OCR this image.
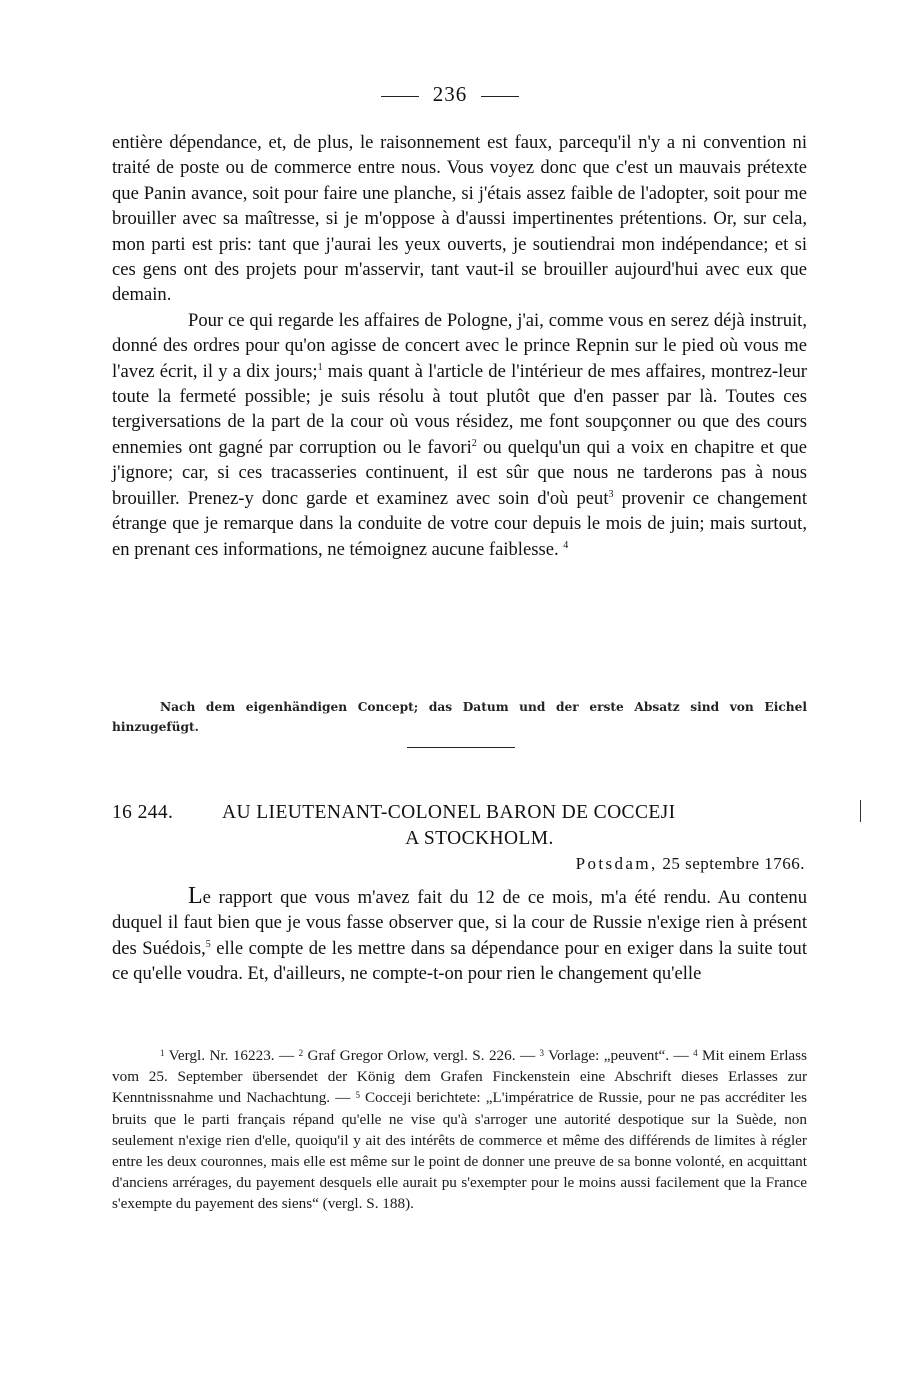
236

entière dépendance, et, de plus, le raisonnement est faux, parcequ'il n'y a ni convention ni traité de poste ou de commerce entre nous. Vous voyez donc que c'est un mauvais prétexte que Panin avance, soit pour faire une planche, si j'étais assez faible de l'adopter, soit pour me brouiller avec sa maîtresse, si je m'oppose à d'aussi impertinentes prétentions. Or, sur cela, mon parti est pris: tant que j'aurai les yeux ouverts, je soutiendrai mon indépendance; et si ces gens ont des projets pour m'asservir, tant vaut-il se brouiller aujourd'hui avec eux que demain.

Pour ce qui regarde les affaires de Pologne, j'ai, comme vous en serez déjà instruit, donné des ordres pour qu'on agisse de concert avec le prince Repnin sur le pied où vous me l'avez écrit, il y a dix jours;$^1$ mais quant à l'article de l'intérieur de mes affaires, montrez-leur toute la fermeté possible; je suis résolu à tout plutôt que d'en passer par là. Toutes ces tergiversations de la part de la cour où vous résidez, me font soupçonner ou que des cours ennemies ont gagné par corruption ou le favori$^2$ ou quelqu'un qui a voix en chapitre et que j'ignore; car, si ces tracasseries continuent, il est sûr que nous ne tarderons pas à nous brouiller. Prenez-y donc garde et examinez avec soin d'où peut$^3$ provenir ce changement étrange que je remarque dans la conduite de votre cour depuis le mois de juin; mais surtout, en prenant ces informations, ne témoignez aucune faiblesse. $^4$

Nach dem eigenhändigen Concept; das Datum und der erste Absatz sind von Eichel hinzugefügt.
16 244. AU LIEUTENANT-COLONEL BARON DE COCCEJI
A STOCKHOLM.
Potsdam, 25 septembre 1766.

Le rapport que vous m'avez fait du 12 de ce mois, m'a été rendu. Au contenu duquel il faut bien que je vous fasse observer que, si la cour de Russie n'exige rien à présent des Suédois,$^5$ elle compte de les mettre dans sa dépendance pour en exiger dans la suite tout ce qu'elle voudra. Et, d'ailleurs, ne compte-t-on pour rien le changement qu'elle

$^1$ Vergl. Nr. 16223. — $^2$ Graf Gregor Orlow, vergl. S. 226. — $^3$ Vorlage: „peuvent“. — $^4$ Mit einem Erlass vom 25. September übersendet der König dem Grafen Finckenstein eine Abschrift dieses Erlasses zur Kenntnissnahme und Nachachtung. — $^5$ Cocceji berichtete: „L'impératrice de Russie, pour ne pas accréditer les bruits que le parti français répand qu'elle ne vise qu'à s'arroger une autorité despotique sur la Suède, non seulement n'exige rien d'elle, quoiqu'il y ait des intérêts de commerce et même des différends de limites à régler entre les deux couronnes, mais elle est même sur le point de donner une preuve de sa bonne volonté, en acquittant d'anciens arrérages, du payement desquels elle aurait pu s'exempter pour le moins aussi facilement que la France s'exempte du payement des siens“ (vergl. S. 188).
